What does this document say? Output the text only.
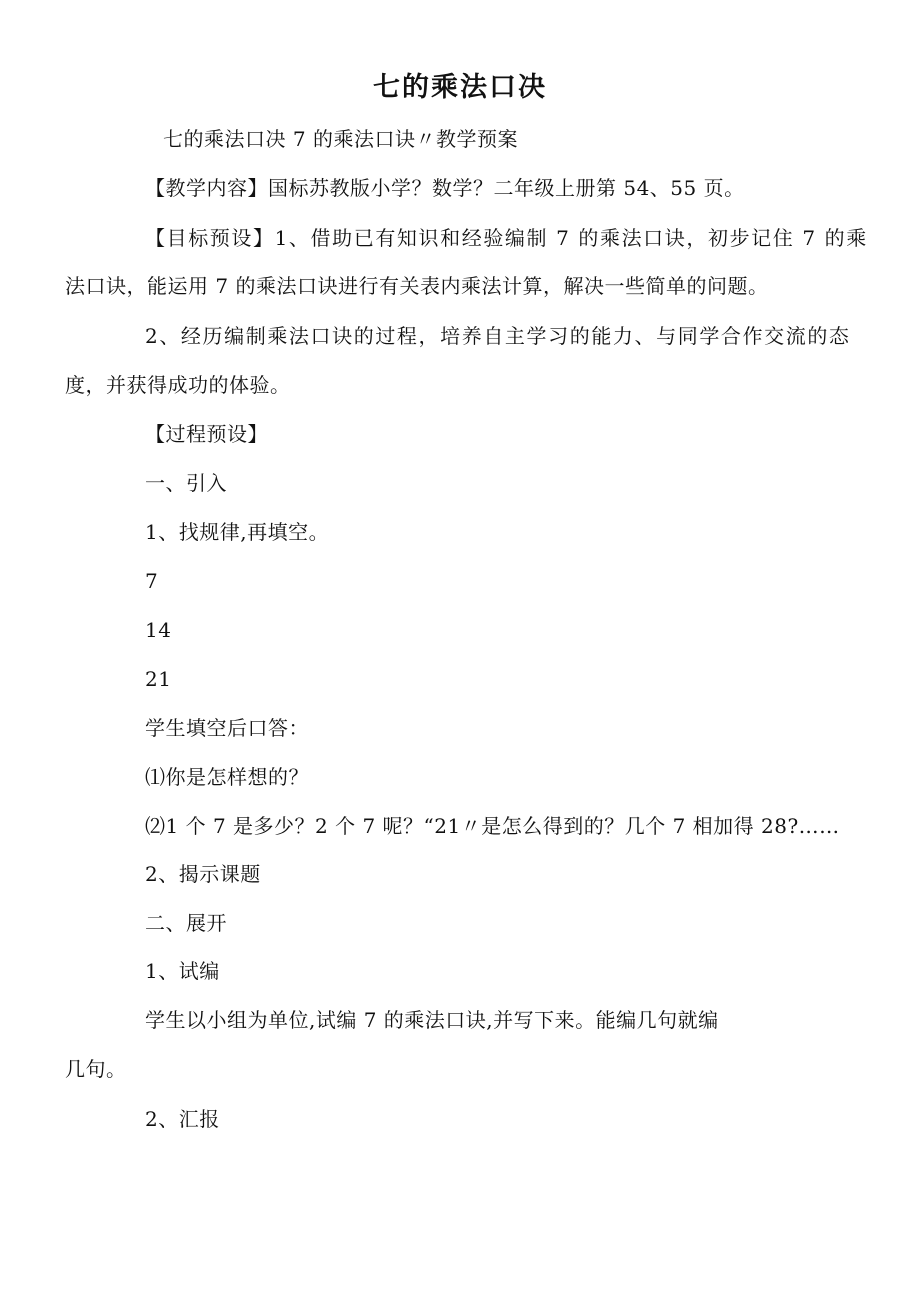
七的乘法口决
七的乘法口决 7 的乘法口诀〃教学预案
【教学内容】国标苏教版小学？数学？二年级上册第 54、55 页。
【目标预设】1、借助已有知识和经验编制 7 的乘法口诀，初步记住 7 的乘
法口诀，能运用 7 的乘法口诀进行有关表内乘法计算，解决一些简单的问题。
2、经历编制乘法口诀的过程，培养自主学习的能力、与同学合作交流的态
度，并获得成功的体验。
【过程预设】
一、引入
1、找规律,再填空。
7
14
21
学生填空后口答：
⑴你是怎样想的？
⑵1 个 7 是多少？2 个 7 呢？“21〃是怎么得到的？几个 7 相加得 28?……
2、揭示课题
二、展开
1、试编
学生以小组为单位,试编 7 的乘法口诀,并写下来。能编几句就编
几句。
2、汇报
